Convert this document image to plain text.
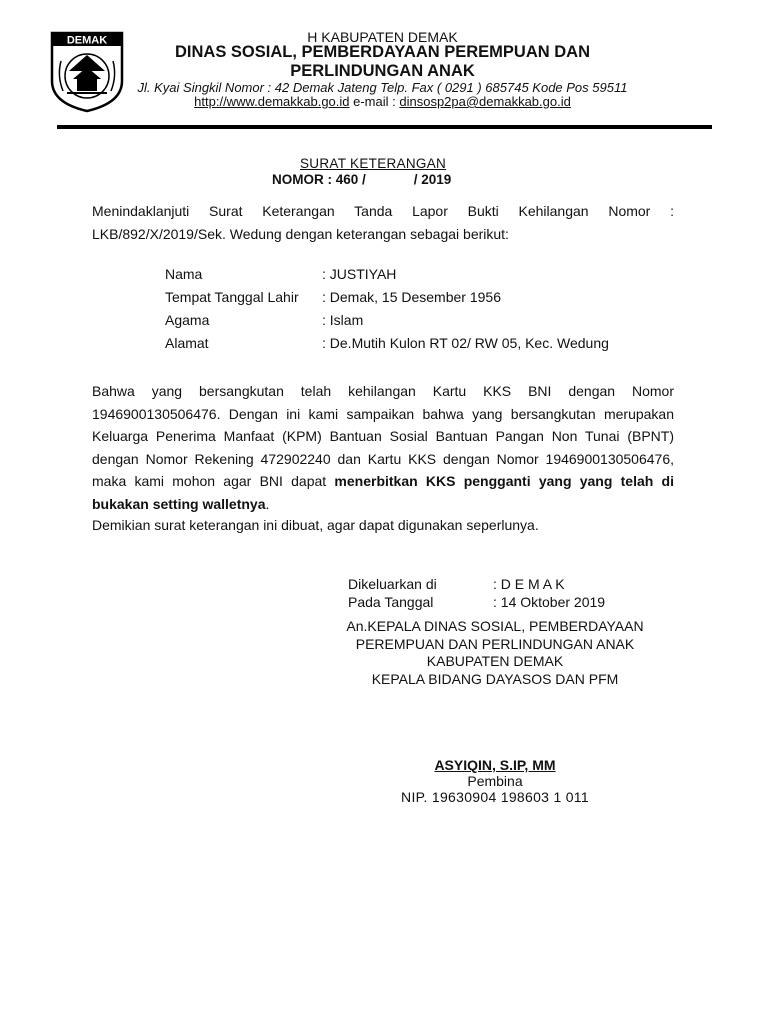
DEMAK	H KABUPATEN DEMAK
DINAS SOSIAL, PEMBERDAYAAN PEREMPUAN DAN
PERLINDUNGAN ANAK
Jl. Kyai Singkil Nomor : 42 Demak Jateng Telp. Fax ( 0291 ) 685745 Kode Pos 59511
http://www.demakkab.go.id e-mail : dinsosp2pa@demakkab.go.id
SURAT KETERANGAN
NOMOR : 460 /	/ 2019
Menindaklanjuti Surat Keterangan Tanda Lapor Bukti Kehilangan Nomor : LKB/892/X/2019/Sek. Wedung dengan keterangan sebagai berikut:
Nama	: JUSTIYAH
Tempat Tanggal Lahir : Demak, 15 Desember 1956
Agama	: Islam
Alamat	: De.Mutih Kulon RT 02/ RW 05, Kec. Wedung
Bahwa yang bersangkutan telah kehilangan Kartu KKS BNI dengan Nomor 1946900130506476. Dengan ini kami sampaikan bahwa yang bersangkutan merupakan Keluarga Penerima Manfaat (KPM) Bantuan Sosial Bantuan Pangan Non Tunai (BPNT) dengan Nomor Rekening 472902240 dan Kartu KKS dengan Nomor 1946900130506476, maka kami mohon agar BNI dapat menerbitkan KKS pengganti yang yang telah di bukakan setting walletnya.
Demikian surat keterangan ini dibuat, agar dapat digunakan seperlunya.
Dikeluarkan di	: D E M A K
Pada Tanggal	: 14 Oktober 2019
An.KEPALA DINAS SOSIAL, PEMBERDAYAAN
PEREMPUAN DAN PERLINDUNGAN ANAK
KABUPATEN DEMAK
KEPALA BIDANG DAYASOS DAN PFM
ASYIQIN, S.IP, MM
Pembina
NIP. 19630904 198603 1 011
